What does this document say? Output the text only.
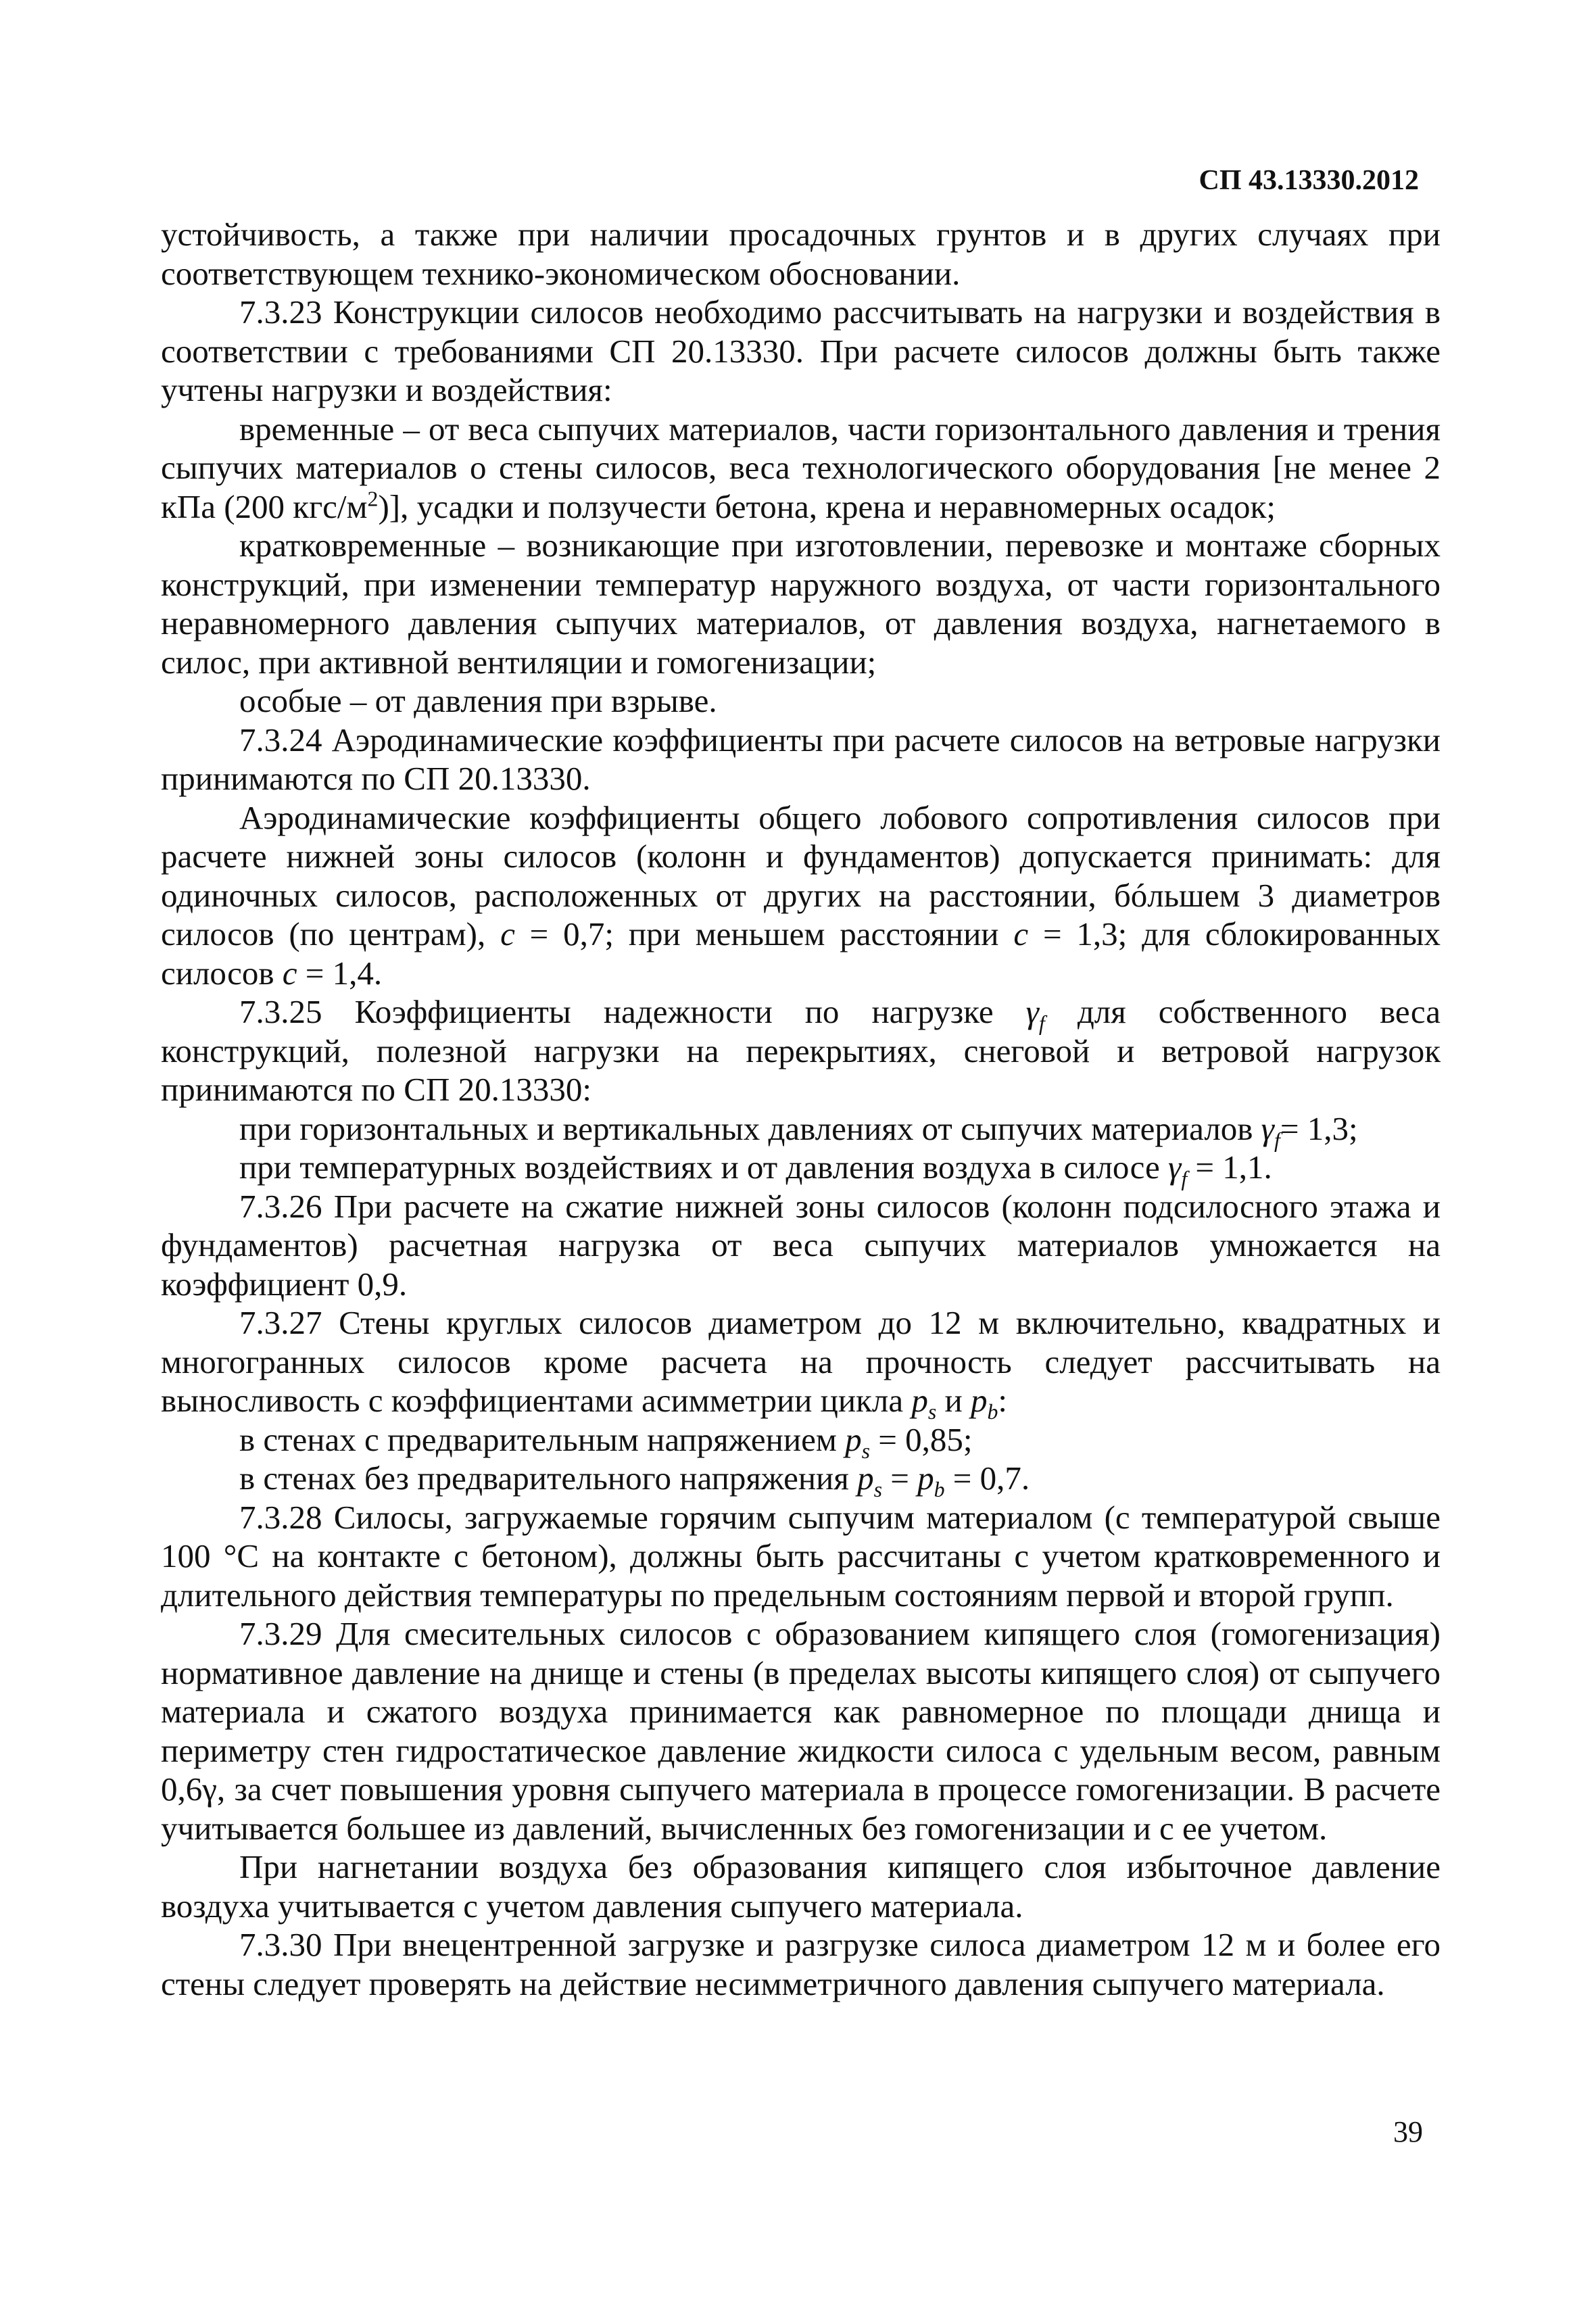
СП 43.13330.2012

устойчивость, а также при наличии просадочных грунтов и в других случаях при соответствующем технико-экономическом обосновании.

7.3.23 Конструкции силосов необходимо рассчитывать на нагрузки и воздействия в соответствии с требованиями СП 20.13330. При расчете силосов должны быть также учтены нагрузки и воздействия:

временные – от веса сыпучих материалов, части горизонтального давления и трения сыпучих материалов о стены силосов, веса технологического оборудования [не менее 2 кПа (200 кгс/$м^2$)], усадки и ползучести бетона, крена и неравномерных осадок;

кратковременные – возникающие при изготовлении, перевозке и монтаже сборных конструкций, при изменении температур наружного воздуха, от части горизонтального неравномерного давления сыпучих материалов, от давления воздуха, нагнетаемого в силос, при активной вентиляции и гомогенизации;

особые – от давления при взрыве.

7.3.24 Аэродинамические коэффициенты при расчете силосов на ветровые нагрузки принимаются по СП 20.13330.

Аэродинамические коэффициенты общего лобового сопротивления силосов при расчете нижней зоны силосов (колонн и фундаментов) допускается принимать: для одиночных силосов, расположенных от других на расстоянии, бóльшем 3 диаметров силосов (по центрам), c = 0,7; при меньшем расстоянии c = 1,3; для сблокированных силосов c = 1,4.

7.3.25 Коэффициенты надежности по нагрузке $\gamma_f$ для собственного веса конструкций, полезной нагрузки на перекрытиях, снеговой и ветровой нагрузок принимаются по СП 20.13330:

при горизонтальных и вертикальных давлениях от сыпучих материалов $\gamma_f= 1,3$;

при температурных воздействиях и от давления воздуха в силосе $\gamma_f = 1,1$.

7.3.26 При расчете на сжатие нижней зоны силосов (колонн подсилосного этажа и фундаментов) расчетная нагрузка от веса сыпучих материалов умножается на коэффициент 0,9.

7.3.27 Стены круглых силосов диаметром до 12 м включительно, квадратных и многогранных силосов кроме расчета на прочность следует рассчитывать на выносливость с коэффициентами асимметрии цикла $p_s$ и $p_b$:

в стенах с предварительным напряжением $p_s = 0,85$;

в стенах без предварительного напряжения $p_s = p_b = 0,7$.

7.3.28 Силосы, загружаемые горячим сыпучим материалом (с температурой свыше 100 °С на контакте с бетоном), должны быть рассчитаны с учетом кратковременного и длительного действия температуры по предельным состояниям первой и второй групп.

7.3.29 Для смесительных силосов с образованием кипящего слоя (гомогенизация) нормативное давление на днище и стены (в пределах высоты кипящего слоя) от сыпучего материала и сжатого воздуха принимается как равномерное по площади днища и периметру стен гидростатическое давление жидкости силоса с удельным весом, равным 0,6γ, за счет повышения уровня сыпучего материала в процессе гомогенизации. В расчете учитывается большее из давлений, вычисленных без гомогенизации и с ее учетом.

При нагнетании воздуха без образования кипящего слоя избыточное давление воздуха учитывается с учетом давления сыпучего материала.

7.3.30 При внецентренной загрузке и разгрузке силоса диаметром 12 м и более его стены следует проверять на действие несимметричного давления сыпучего материала.

39
